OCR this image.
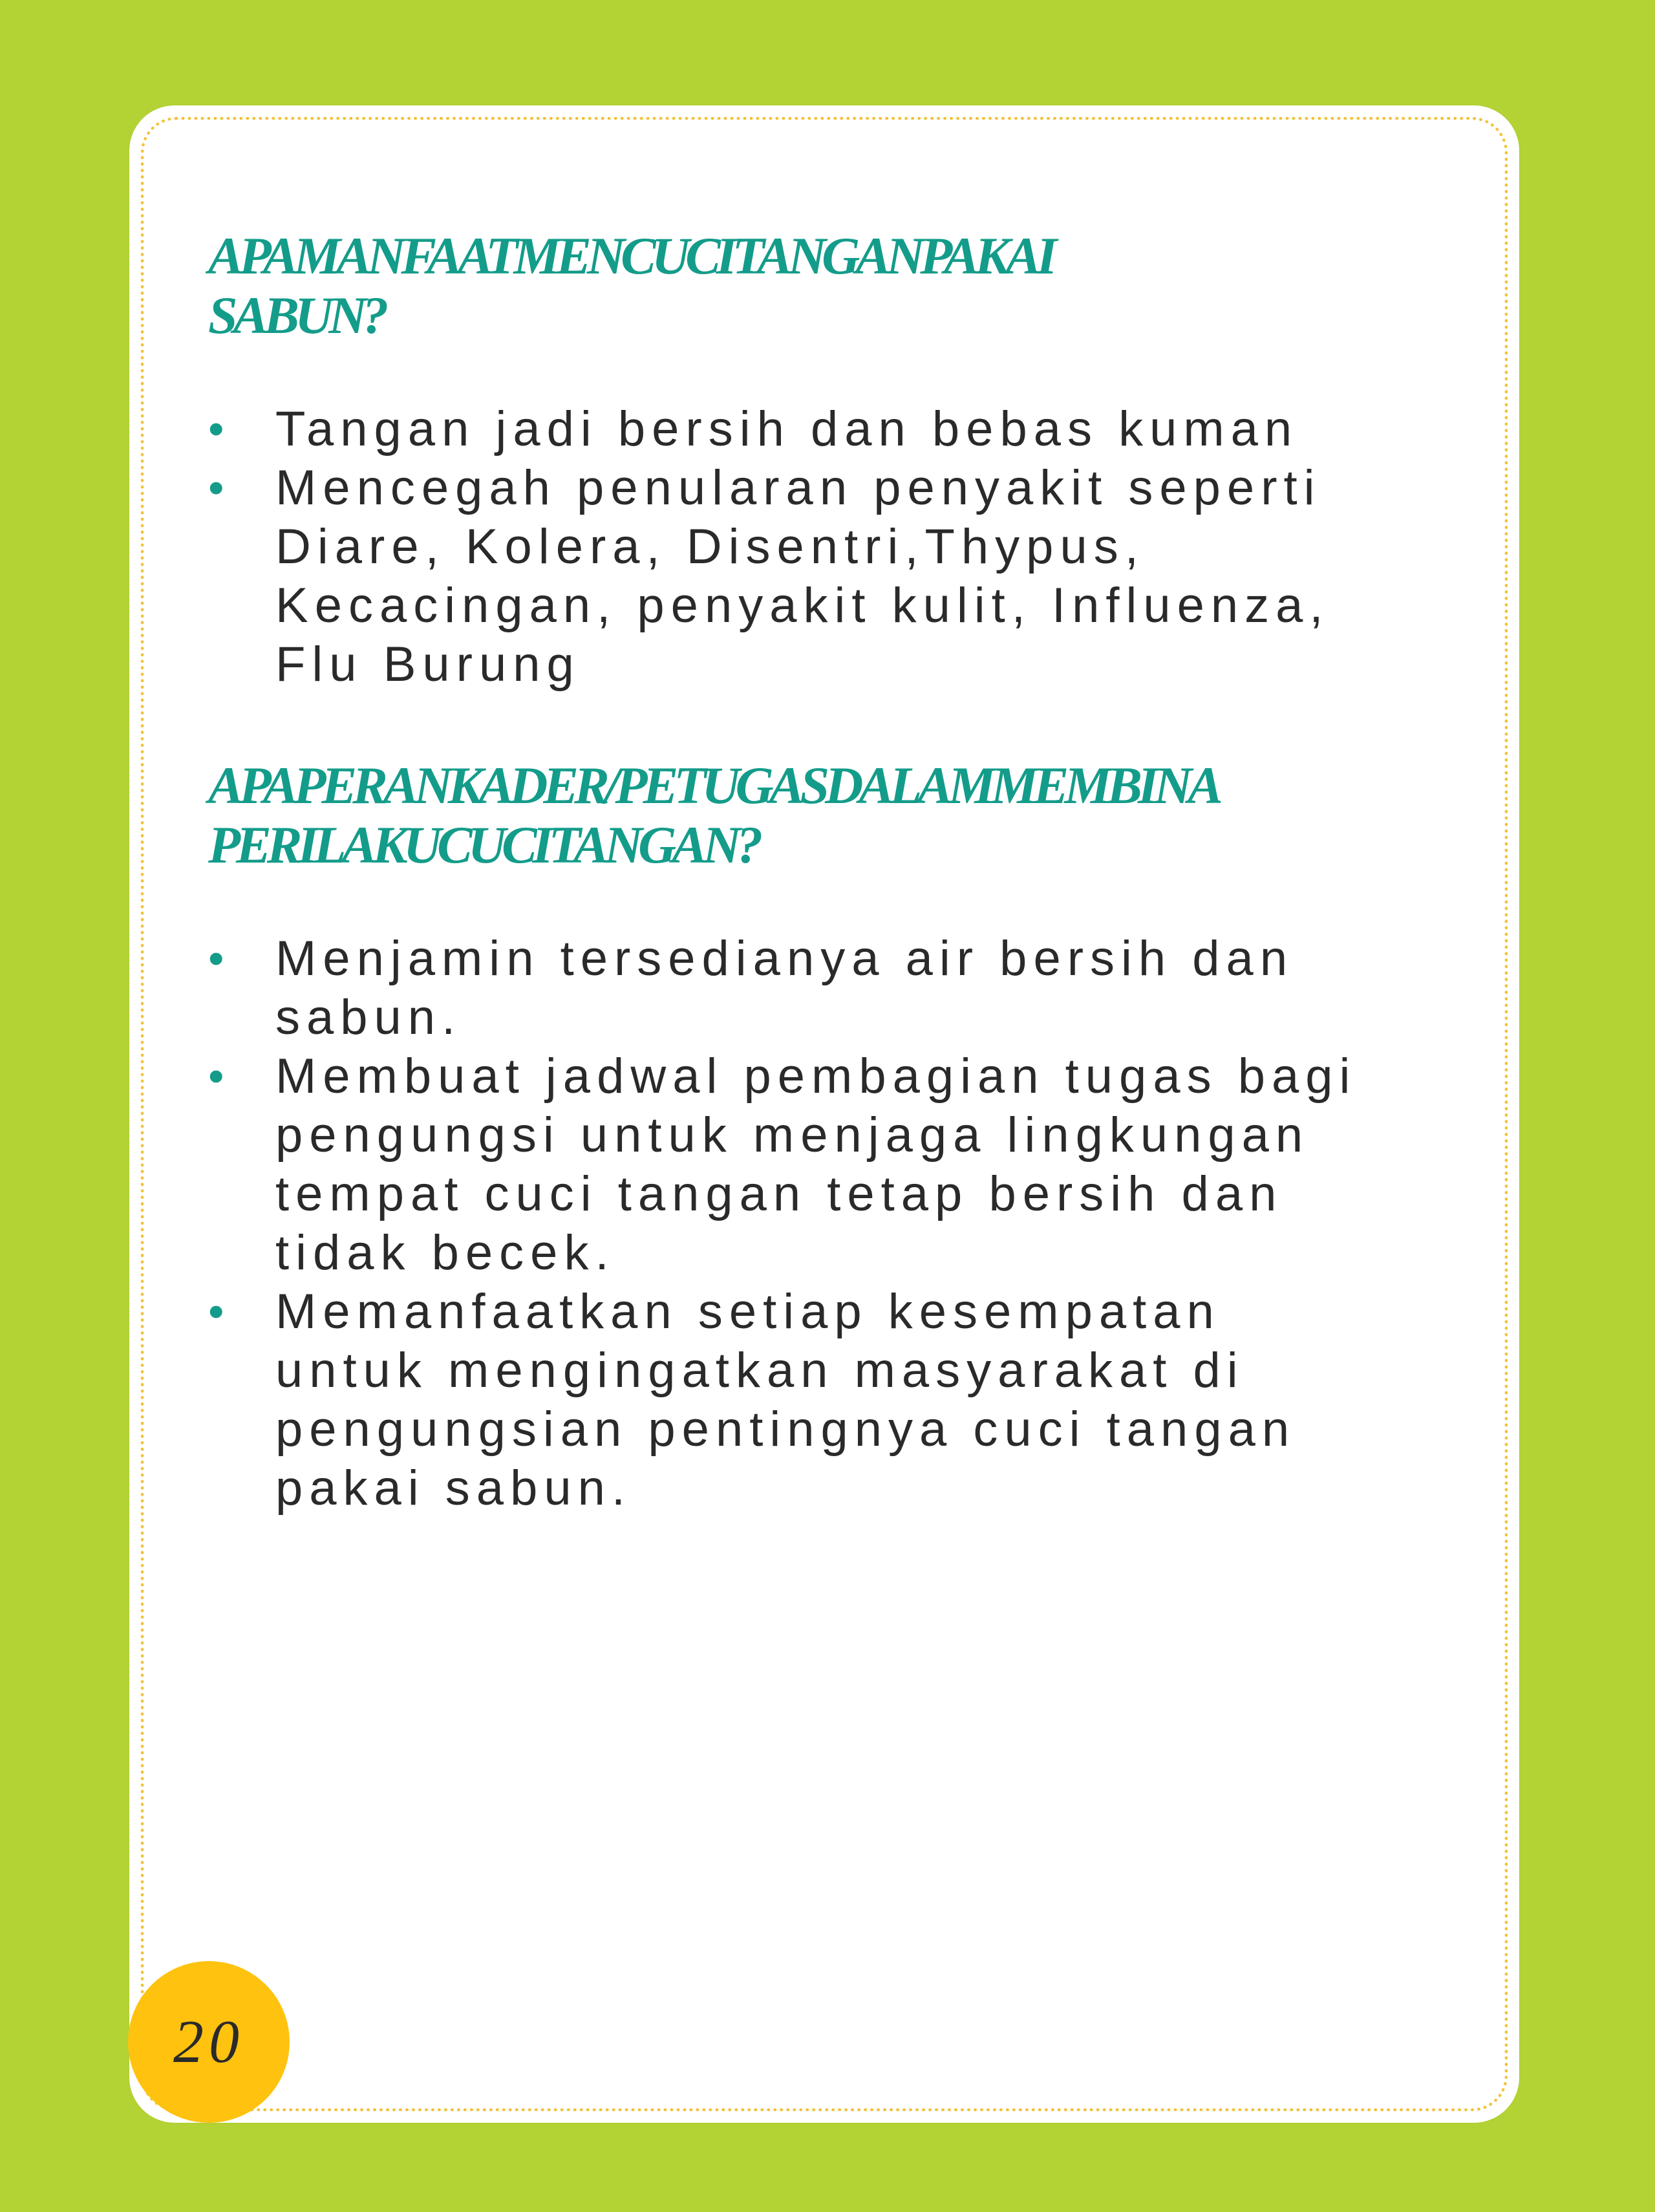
APAMANFAATMENCUCITANGANPAKAI
SABUN?
• Tangan jadi bersih dan bebas kuman
• Mencegah penularan penyakit seperti Diare, Kolera, Disentri,Thypus, Kecacingan, penyakit kulit, Influenza, Flu Burung
APAPERANKADER/PETUGASDALAMMEMBINA
PERILAKUCUCITANGAN?
• Menjamin tersedianya air bersih dan sabun.
• Membuat jadwal pembagian tugas bagi pengungsi untuk menjaga lingkungan tempat cuci tangan tetap bersih dan tidak becek.
• Memanfaatkan setiap kesempatan untuk mengingatkan masyarakat di pengungsian pentingnya cuci tangan pakai sabun.
20
